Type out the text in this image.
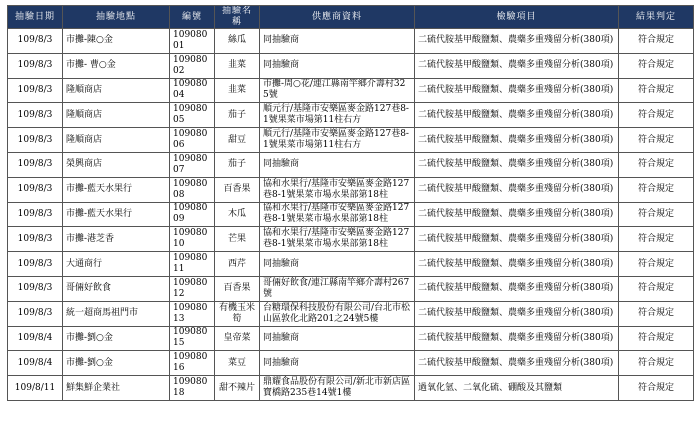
抽驗日期	抽驗地點	編號	抽驗名稱	供應商資料	檢驗項目	結果判定
109/8/3	市攤-陳○金	10908001	絲瓜	同抽驗商	二硫代胺基甲酸鹽類、農藥多重殘留分析(380項)	符合規定
109/8/3	市攤- 曹○金	10908002	韭菜	同抽驗商	二硫代胺基甲酸鹽類、農藥多重殘留分析(380項)	符合規定
109/8/3	隆順商店	10908004	韭菜	市攤-周○花/連江縣南竿鄉介壽村325號	二硫代胺基甲酸鹽類、農藥多重殘留分析(380項)	符合規定
109/8/3	隆順商店	10908005	茄子	順元行/基隆市安樂區麥金路127巷8-1號果菜市場第11柱右方	二硫代胺基甲酸鹽類、農藥多重殘留分析(380項)	符合規定
109/8/3	隆順商店	10908006	甜豆	順元行/基隆市安樂區麥金路127巷8-1號果菜市場第11柱右方	二硫代胺基甲酸鹽類、農藥多重殘留分析(380項)	符合規定
109/8/3	榮興商店	10908007	茄子	同抽驗商	二硫代胺基甲酸鹽類、農藥多重殘留分析(380項)	符合規定
109/8/3	市攤-藍天水果行	10908008	百香果	協和水果行/基隆市安樂區麥金路127巷8-1號果菜市場水果部第18柱	二硫代胺基甲酸鹽類、農藥多重殘留分析(380項)	符合規定
109/8/3	市攤-藍天水果行	10908009	木瓜	協和水果行/基隆市安樂區麥金路127巷8-1號果菜市場水果部第18柱	二硫代胺基甲酸鹽類、農藥多重殘留分析(380項)	符合規定
109/8/3	市攤-港芝香	10908010	芒果	協和水果行/基隆市安樂區麥金路127巷8-1號果菜市場水果部第18柱	二硫代胺基甲酸鹽類、農藥多重殘留分析(380項)	符合規定
109/8/3	大通商行	10908011	西芹	同抽驗商	二硫代胺基甲酸鹽類、農藥多重殘留分析(380項)	符合規定
109/8/3	哥倆好飲食	10908012	百香果	哥倆好飲食/連江縣南竿鄉介壽村267號	二硫代胺基甲酸鹽類、農藥多重殘留分析(380項)	符合規定
109/8/3	統一超商馬祖門市	10908013	有機玉米筍	台糖環保科技股份有限公司/台北市松山區敦化北路201之24號5樓	二硫代胺基甲酸鹽類、農藥多重殘留分析(380項)	符合規定
109/8/4	市攤-劉○金	10908015	皇帝菜	同抽驗商	二硫代胺基甲酸鹽類、農藥多重殘留分析(380項)	符合規定
109/8/4	市攤-劉○金	10908016	菜豆	同抽驗商	二硫代胺基甲酸鹽類、農藥多重殘留分析(380項)	符合規定
109/8/11	鮮集鮮企業社	10908018	甜不辣片	鼎耀食品股份有限公司/新北市新店區寶橋路235巷14號1樓	過氧化氫、二氧化硫、硼酸及其鹽類	符合規定
